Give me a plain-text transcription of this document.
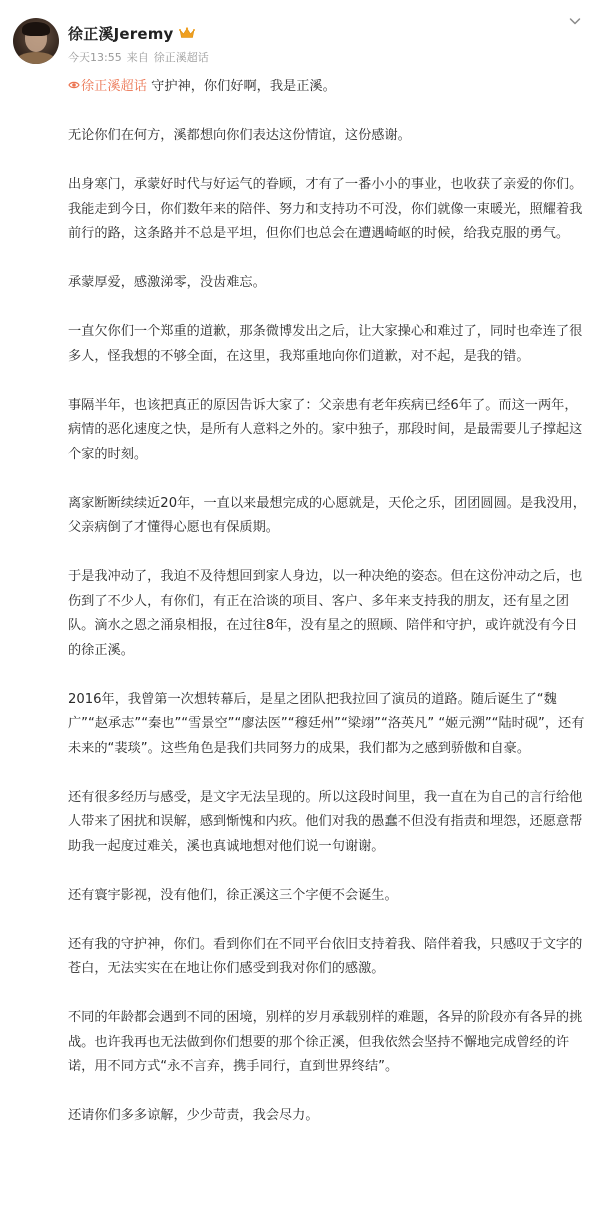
徐正溪Jeremy
今天13:55 来自 徐正溪超话

徐正溪超话 守护神，你们好啊，我是正溪。

无论你们在何方，溪都想向你们表达这份情谊，这份感谢。

出身寒门，承蒙好时代与好运气的眷顾，才有了一番小小的事业，也收获了亲爱的你们。我能走到今日，你们数年来的陪伴、努力和支持功不可没，你们就像一束暖光，照耀着我前行的路，这条路并不总是平坦，但你们也总会在遭遇崎岖的时候，给我克服的勇气。

承蒙厚爱，感激涕零，没齿难忘。

一直欠你们一个郑重的道歉，那条微博发出之后，让大家操心和难过了，同时也牵连了很多人，怪我想的不够全面，在这里，我郑重地向你们道歉，对不起，是我的错。

事隔半年，也该把真正的原因告诉大家了：父亲患有老年疾病已经6年了。而这一两年，病情的恶化速度之快，是所有人意料之外的。家中独子，那段时间，是最需要儿子撑起这个家的时刻。

离家断断续续近20年，一直以来最想完成的心愿就是，天伦之乐，团团圆圆。是我没用，父亲病倒了才懂得心愿也有保质期。

于是我冲动了，我迫不及待想回到家人身边，以一种决绝的姿态。但在这份冲动之后，也伤到了不少人，有你们，有正在洽谈的项目、客户、多年来支持我的朋友，还有星之团队。滴水之恩之涌泉相报，在过往8年，没有星之的照顾、陪伴和守护，或许就没有今日的徐正溪。

2016年，我曾第一次想转幕后，是星之团队把我拉回了演员的道路。随后诞生了“魏广”“赵承志”“秦也”“雪景空”“廖法医”“穆廷州”“梁翊”“洛英凡” “姬元溯”“陆时砚”，还有未来的“裴琰”。这些角色是我们共同努力的成果，我们都为之感到骄傲和自豪。

还有很多经历与感受，是文字无法呈现的。所以这段时间里，我一直在为自己的言行给他人带来了困扰和误解，感到惭愧和内疚。他们对我的愚蠢不但没有指责和埋怨，还愿意帮助我一起度过难关，溪也真诚地想对他们说一句谢谢。

还有寰宇影视，没有他们，徐正溪这三个字便不会诞生。

还有我的守护神，你们。看到你们在不同平台依旧支持着我、陪伴着我，只感叹于文字的苍白，无法实实在在地让你们感受到我对你们的感激。

不同的年龄都会遇到不同的困境，别样的岁月承载别样的难题，各异的阶段亦有各异的挑战。也许我再也无法做到你们想要的那个徐正溪，但我依然会坚持不懈地完成曾经的许诺，用不同方式“永不言弃，携手同行，直到世界终结”。

还请你们多多谅解，少少苛责，我会尽力。
